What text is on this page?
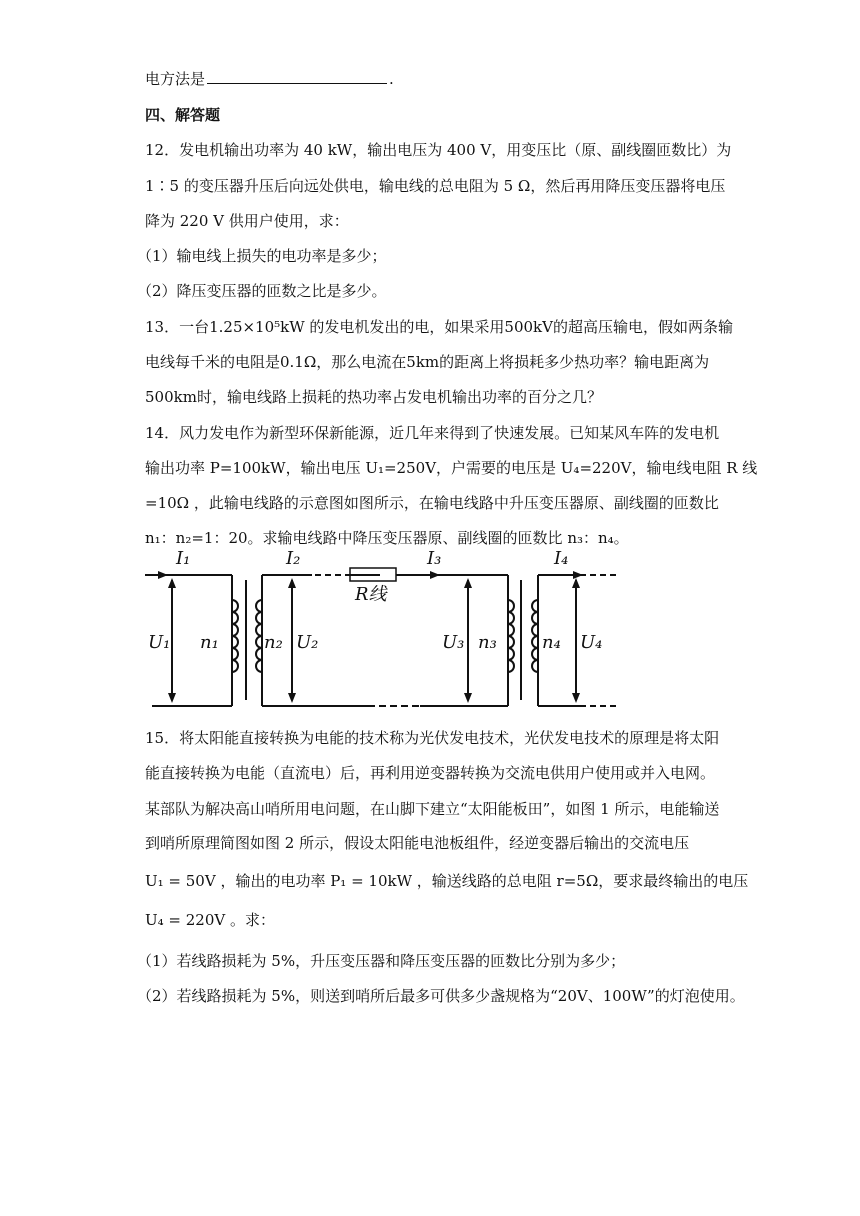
电方法是	.
四、解答题
12．发电机输出功率为 40 kW，输出电压为 400 V，用变压比（原、副线圈匝数比）为
1∶5 的变压器升压后向远处供电，输电线的总电阻为 5 Ω，然后再用降压变压器将电压
降为 220 V 供用户使用，求：
（1）输电线上损失的电功率是多少；
（2）降压变压器的匝数之比是多少。
13．一台1.25×10⁵kW 的发电机发出的电，如果采用500kV的超高压输电，假如两条输
电线每千米的电阻是0.1Ω，那么电流在5km的距离上将损耗多少热功率？输电距离为
500km时，输电线路上损耗的热功率占发电机输出功率的百分之几？
14．风力发电作为新型环保新能源，近几年来得到了快速发展。已知某风车阵的发电机
输出功率 P=100kW，输出电压 U₁=250V，户需要的电压是 U₄=220V，输电线电阻 R 线
=10Ω ，此输电线路的示意图如图所示，在输电线路中升压变压器原、副线圈的匝数比
n₁：n₂=1：20。求输电线路中降压变压器原、副线圈的匝数比 n₃：n₄。
I₁	I₂	I₃	I₄
R线
U₁ n₁	n₂ U₂	U₃ n₃	n₄ U₄
15．将太阳能直接转换为电能的技术称为光伏发电技术，光伏发电技术的原理是将太阳
能直接转换为电能（直流电）后，再利用逆变器转换为交流电供用户使用或并入电网。
某部队为解决高山哨所用电问题，在山脚下建立“太阳能板田”，如图 1 所示，电能输送
到哨所原理简图如图 2 所示，假设太阳能电池板组件，经逆变器后输出的交流电压
U₁ = 50V ，输出的电功率 P₁ = 10kW ，输送线路的总电阻 r=5Ω，要求最终输出的电压
U₄ = 220V 。求：
（1）若线路损耗为 5%，升压变压器和降压变压器的匝数比分别为多少；
（2）若线路损耗为 5%，则送到哨所后最多可供多少盏规格为“20V、100W”的灯泡使用。
